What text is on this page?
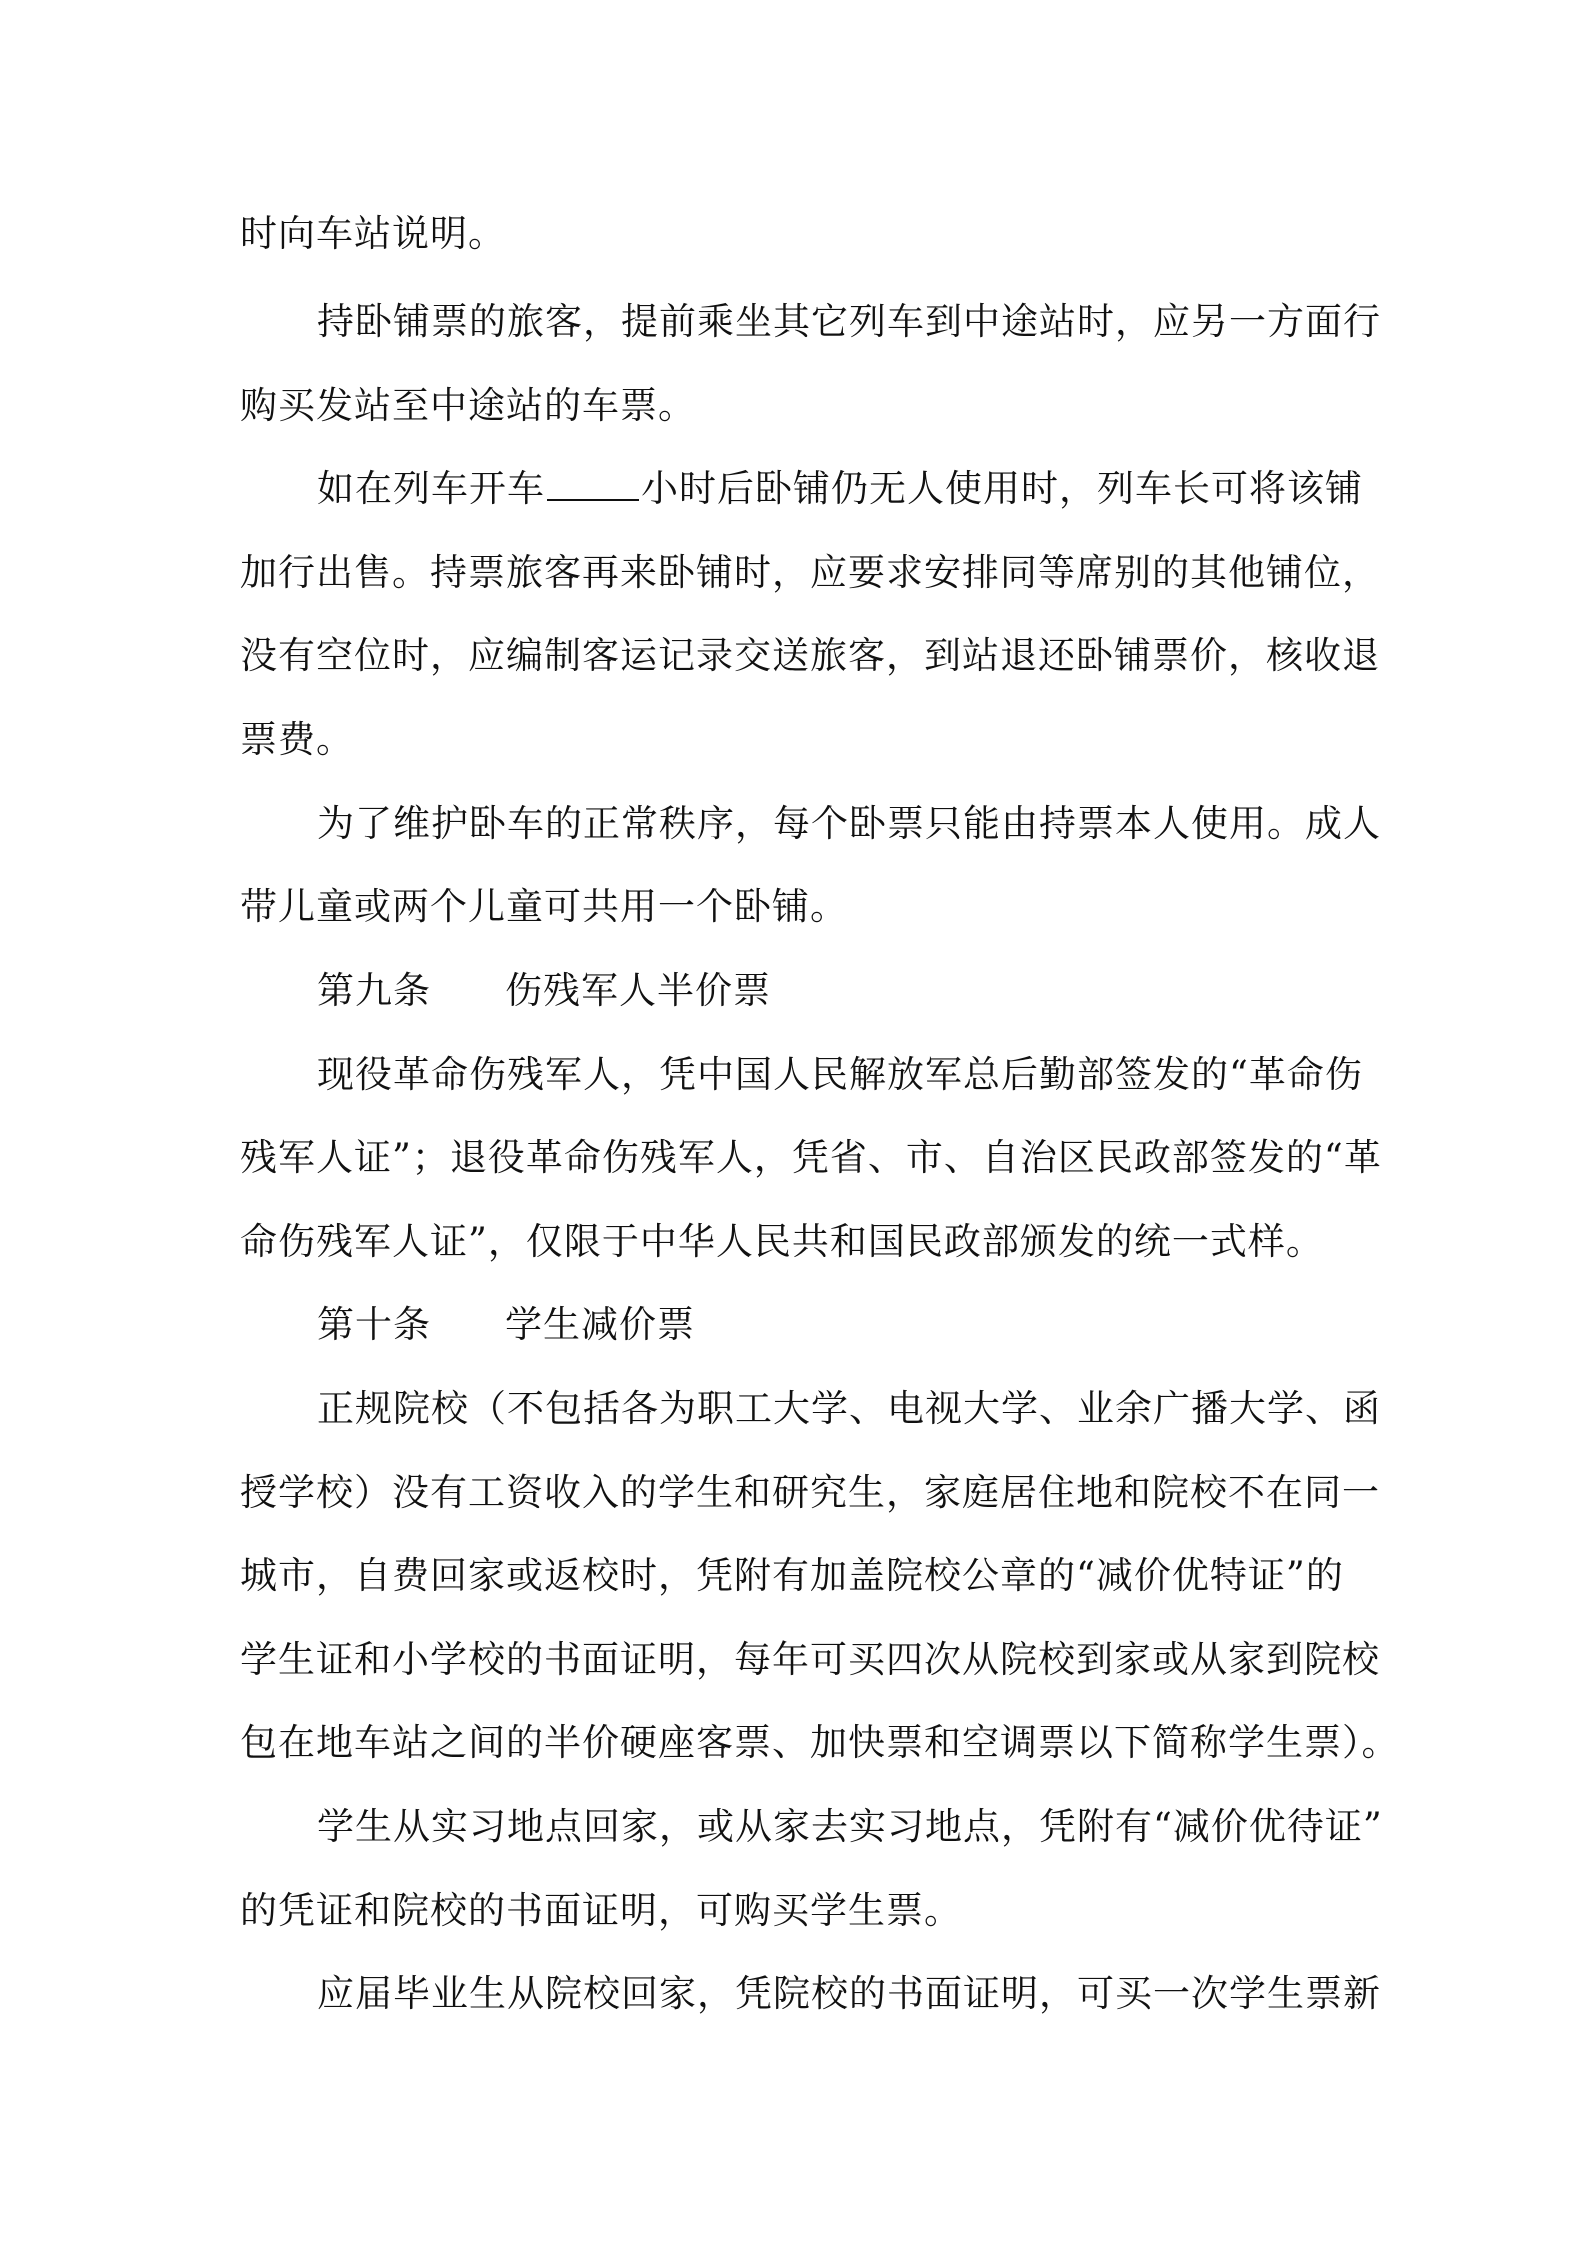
时向车站说明。
持卧铺票的旅客，提前乘坐其它列车到中途站时，应另一方面行
购买发站至中途站的车票。
如在列车开车	小时后卧铺仍无人使用时，列车长可将该铺
加行出售。持票旅客再来卧铺时，应要求安排同等席别的其他铺位，
没有空位时，应编制客运记录交送旅客，到站退还卧铺票价，核收退
票费。
为了维护卧车的正常秩序，每个卧票只能由持票本人使用。成人
带儿童或两个儿童可共用一个卧铺。
第九条 伤残军人半价票
现役革命伤残军人，凭中国人民解放军总后勤部签发的“革命伤
残军人证”；退役革命伤残军人，凭省、市、自治区民政部签发的“革
命伤残军人证”，仅限于中华人民共和国民政部颁发的统一式样。
第十条 学生减价票
正规院校（不包括各为职工大学、电视大学、业余广播大学、函
授学校）没有工资收入的学生和研究生，家庭居住地和院校不在同一
城市，自费回家或返校时，凭附有加盖院校公章的“减价优特证”的
学生证和小学校的书面证明，每年可买四次从院校到家或从家到院校
包在地车站之间的半价硬座客票、加快票和空调票以下简称学生票）。
学生从实习地点回家，或从家去实习地点，凭附有“减价优待证”
的凭证和院校的书面证明，可购买学生票。
应届毕业生从院校回家，凭院校的书面证明，可买一次学生票新
